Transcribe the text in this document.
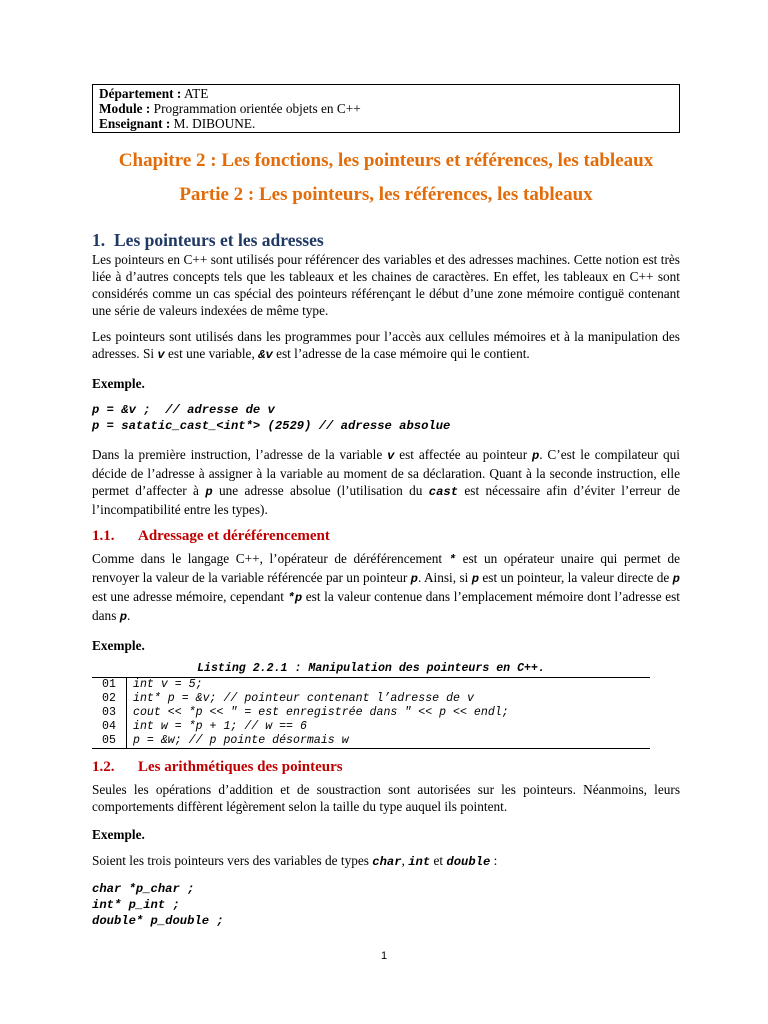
Département : ATE
Module : Programmation orientée objets en C++
Enseignant : M. DIBOUNE.
Chapitre 2 : Les fonctions, les pointeurs et références, les tableaux
Partie 2 : Les pointeurs, les références, les tableaux
1. Les pointeurs et les adresses

Les pointeurs en C++ sont utilisés pour référencer des variables et des adresses machines. Cette notion est très liée à d’autres concepts tels que les tableaux et les chaines de caractères. En effet, les tableaux en C++ sont considérés comme un cas spécial des pointeurs référençant le début d’une zone mémoire contiguë contenant une série de valeurs indexées de même type.

Les pointeurs sont utilisés dans les programmes pour l’accès aux cellules mémoires et à la manipulation des adresses. Si v est une variable, &v est l’adresse de la case mémoire qui le contient.

Exemple.

p = &v ;  // adresse de v
p = satatic_cast_<int*> (2529) // adresse absolue

Dans la première instruction, l’adresse de la variable v est affectée au pointeur p. C’est le compilateur qui décide de l’adresse à assigner à la variable au moment de sa déclaration. Quant à la seconde instruction, elle permet d’affecter à p une adresse absolue (l’utilisation du cast est nécessaire afin d’éviter l’erreur de l’incompatibilité entre les types).

1.1. Adressage et déréférencement

Comme dans le langage C++, l’opérateur de déréférencement * est un opérateur unaire qui permet de renvoyer la valeur de la variable référencée par un pointeur p. Ainsi, si p est un pointeur, la valeur directe de p est une adresse mémoire, cependant *p est la valeur contenue dans l’emplacement mémoire dont l’adresse est dans p.

Exemple.

Listing 2.2.1 : Manipulation des pointeurs en C++.
01	int v = 5;
02	int* p = &v; // pointeur contenant l’adresse de v
03	cout << *p << " = est enregistrée dans " << p << endl;
04	int w = *p + 1; // w == 6
05	p = &w; // p pointe désormais w
1.2. Les arithmétiques des pointeurs

Seules les opérations d’addition et de soustraction sont autorisées sur les pointeurs. Néanmoins, leurs comportements diffèrent légèrement selon la taille du type auquel ils pointent.

Exemple.

Soient les trois pointeurs vers des variables de types char, int et double :

char *p_char ;
int* p_int ;
double* p_double ;
1
